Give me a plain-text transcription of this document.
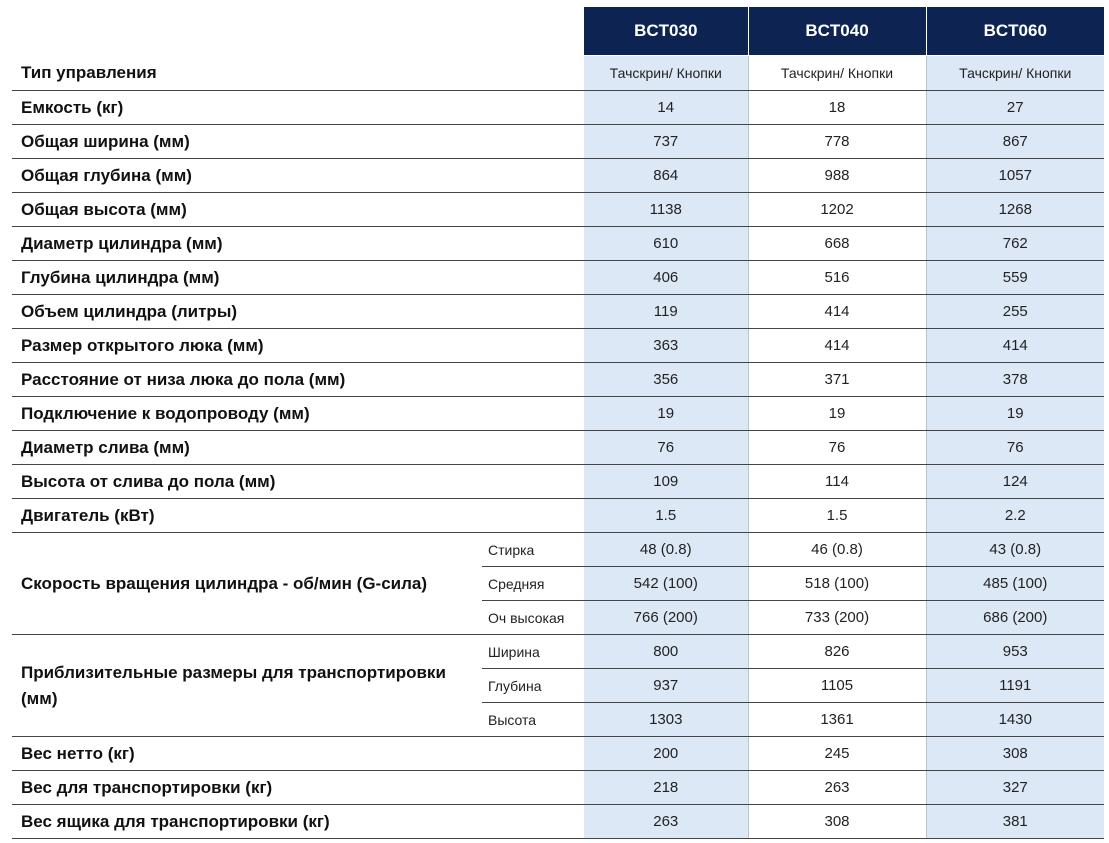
		BCT030	BCT040	BCT060
Тип управления		Тачскрин/ Кнопки	Тачскрин/ Кнопки	Тачскрин/ Кнопки
Емкость (кг)		14	18	27
Общая ширина (мм)		737	778	867
Общая глубина (мм)		864	988	1057
Общая высота (мм)		1138	1202	1268
Диаметр цилиндра (мм)		610	668	762
Глубина цилиндра (мм)		406	516	559
Объем цилиндра (литры)		119	414	255
Размер открытого люка (мм)		363	414	414
Расстояние от низа люка до пола (мм)		356	371	378
Подключение к водопроводу (мм)		19	19	19
Диаметр слива (мм)		76	76	76
Высота от слива до пола (мм)		109	114	124
Двигатель (кВт)		1.5	1.5	2.2
Скорость вращения цилиндра - об/мин (G-сила)	Стирка	48 (0.8)	46 (0.8)	43 (0.8)
	Средняя	542 (100)	518 (100)	485 (100)
	Оч высокая	766 (200)	733 (200)	686 (200)
Приблизительные размеры для транспортировки (мм)	Ширина	800	826	953
	Глубина	937	1105	1191
	Высота	1303	1361	1430
Вес нетто (кг)		200	245	308
Вес для транспортировки (кг)		218	263	327
Вес ящика для транспортировки (кг)		263	308	381
